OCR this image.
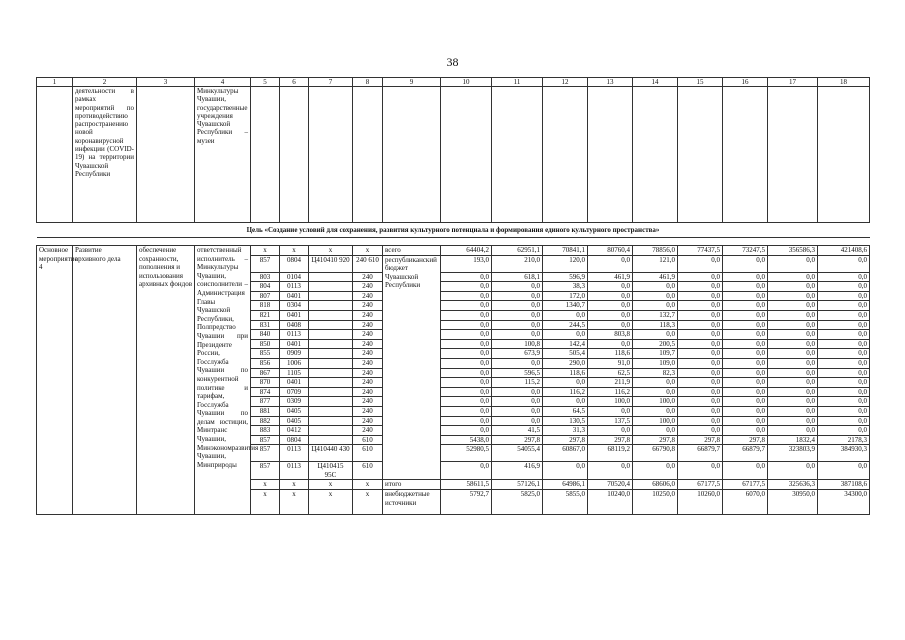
38
1	2	3	4	5	6	7	8	9	10	11	12	13	14	15	16	17	18
	деятельности в рамках мероприятий по противодействию распространению новой коронавирусной инфекции (COVID-19) на территории Чувашской Республики		Минкультуры Чувашии, государственные учреждения Чувашской Республики – музеи														
Цель «Создание условий для сохранения, развития культурного потенциала и формирования единого культурного пространства»																	

Основное мероприятие 4	Развитие архивного дела	обеспечение сохранности, пополнения и использования архивных фондов	ответственный исполнитель – Минкультуры Чувашии, соисполнители – Администрация Главы Чувашской Республики, Полпредство Чувашии при Президенте России, Госслужба Чувашии по конкурентной политике и тарифам, Госслужба Чувашии по делам юстиции, Минтранс Чувашии, Минэкономразвития Чувашии, Минприроды	x	x	x	x	всего	64404,2	62951,1	70841,1	80760,4	78856,0	77437,5	73247,5	356586,3	421408,6
				857	0804	Ц410410 920	240 610	республиканский бюджет Чувашской Республики	193,0	210,0	120,0	0,0	121,0	0,0	0,0	0,0	0,0
				803	0104		240		0,0	618,1	596,9	461,9	461,9	0,0	0,0	0,0	0,0
				804	0113		240		0,0	0,0	38,3	0,0	0,0	0,0	0,0	0,0	0,0
				807	0401		240		0,0	0,0	172,0	0,0	0,0	0,0	0,0	0,0	0,0
				818	0304		240		0,0	0,0	1340,7	0,0	0,0	0,0	0,0	0,0	0,0
				821	0401		240		0,0	0,0	0,0	0,0	132,7	0,0	0,0	0,0	0,0
				831	0408		240		0,0	0,0	244,5	0,0	118,3	0,0	0,0	0,0	0,0
				840	0113		240		0,0	0,0	0,0	803,8	0,0	0,0	0,0	0,0	0,0
				850	0401		240		0,0	100,8	142,4	0,0	200,5	0,0	0,0	0,0	0,0
				855	0909		240		0,0	673,9	505,4	118,6	109,7	0,0	0,0	0,0	0,0
				856	1006		240		0,0	0,0	290,0	91,0	109,0	0,0	0,0	0,0	0,0
				867	1105		240		0,0	596,5	118,6	62,5	82,3	0,0	0,0	0,0	0,0
				870	0401		240		0,0	115,2	0,0	211,9	0,0	0,0	0,0	0,0	0,0
				874	0709		240		0,0	0,0	116,2	116,2	0,0	0,0	0,0	0,0	0,0
				877	0309		240		0,0	0,0	0,0	100,0	100,0	0,0	0,0	0,0	0,0
				881	0405		240		0,0	0,0	64,5	0,0	0,0	0,0	0,0	0,0	0,0
				882	0405		240		0,0	0,0	130,5	137,5	100,0	0,0	0,0	0,0	0,0
				883	0412		240		0,0	41,5	31,3	0,0	0,0	0,0	0,0	0,0	0,0
				857	0804		610		5438,0	297,8	297,8	297,8	297,8	297,8	297,8	1832,4	2178,3
				857	0113	Ц410440 430	610		52980,5	54055,4	60867,0	68119,2	66790,8	66879,7	66879,7	323803,9	384930,3
				857	0113	Ц410415 95С	610		0,0	416,9	0,0	0,0	0,0	0,0	0,0	0,0	0,0
				x	x	x	x	итого	58611,5	57126,1	64986,1	70520,4	68606,0	67177,5	67177,5	325636,3	387108,6
				x	x	x	x	внебюджетные источники	5792,7	5825,0	5855,0	10240,0	10250,0	10260,0	6070,0	30950,0	34300,0
